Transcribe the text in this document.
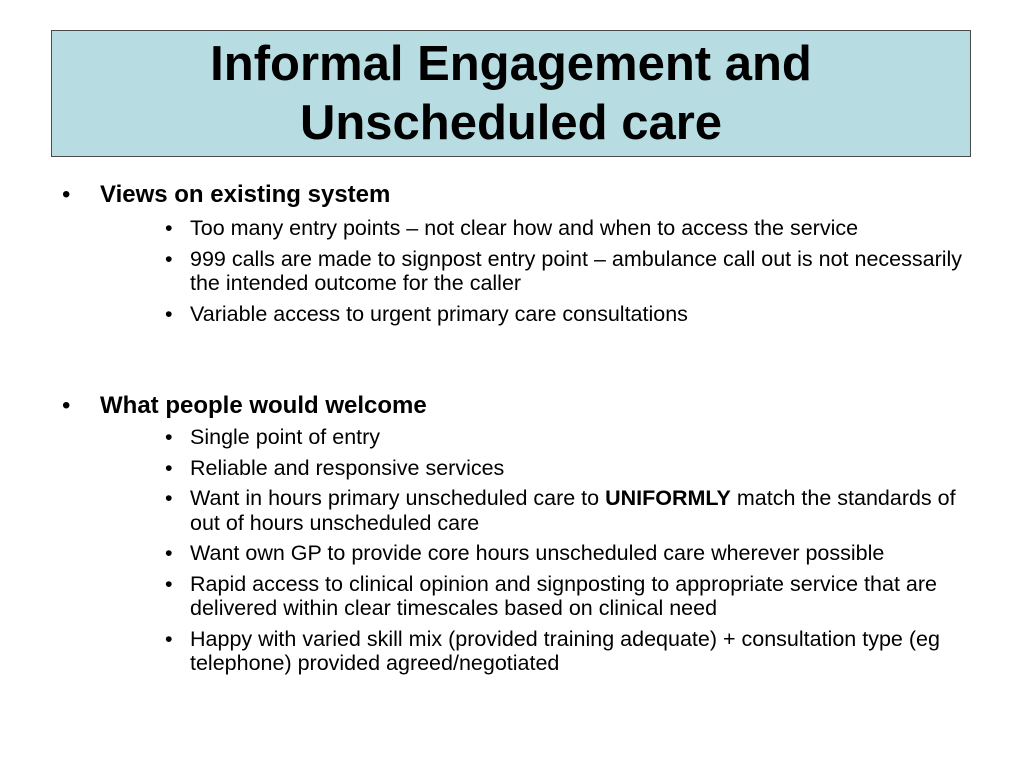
Informal Engagement and
Unscheduled care
•	Views on existing system
• Too many entry points – not clear how and when to access the service
• 999 calls are made to signpost entry point – ambulance call out is not necessarily the intended outcome for the caller
• Variable access to urgent primary care consultations
•	What people would welcome
• Single point of entry
• Reliable and responsive services
• Want in hours primary unscheduled care to UNIFORMLY match the standards of out of hours unscheduled care
• Want own GP to provide core hours unscheduled care wherever possible
• Rapid access to clinical opinion and signposting to appropriate service that are delivered within clear timescales based on clinical need
• Happy with varied skill mix (provided training adequate) + consultation type (eg telephone) provided agreed/negotiated
